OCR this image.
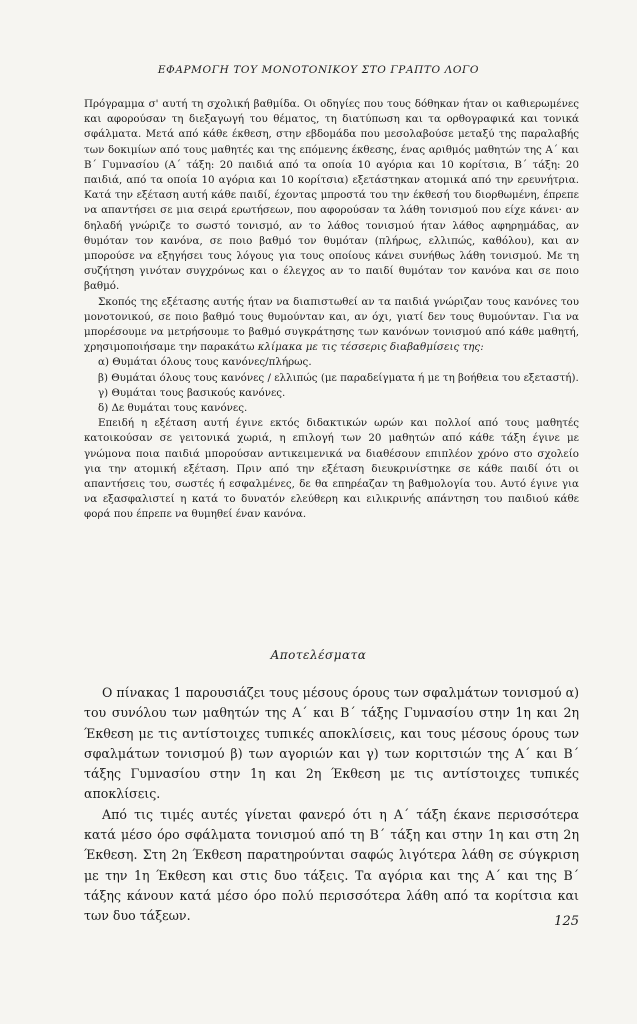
ΕΦΑΡΜΟΓΗ ΤΟΥ ΜΟΝΟΤΟΝΙΚΟΥ ΣΤΟ ΓΡΑΠΤΟ ΛΟΓΟ

Πρόγραμμα σ' αυτή τη σχολική βαθμίδα. Οι οδηγίες που τους δόθηκαν ήταν οι καθιερωμένες και αφορούσαν τη διεξαγωγή του θέματος, τη διατύπωση και τα ορθογραφικά και τονικά σφάλματα. Μετά από κάθε έκθεση, στην εβδομάδα που μεσολαβούσε μεταξύ της παραλαβής των δοκιμίων από τους μαθητές και της επόμενης έκθεσης, ένας αριθμός μαθητών της Α΄ και Β΄ Γυμνασίου (Α΄ τάξη: 20 παιδιά από τα οποία 10 αγόρια και 10 κορίτσια, Β΄ τάξη: 20 παιδιά, από τα οποία 10 αγόρια και 10 κορίτσια) εξετάστηκαν ατομικά από την ερευνήτρια. Κατά την εξέταση αυτή κάθε παιδί, έχοντας μπροστά του την έκθεσή του διορθωμένη, έπρεπε να απαντήσει σε μια σειρά ερωτήσεων, που αφορούσαν τα λάθη τονισμού που είχε κάνει· αν δηλαδή γνώριζε το σωστό τονισμό, αν το λάθος τονισμού ήταν λάθος αφηρημάδας, αν θυμόταν τον κανόνα, σε ποιο βαθμό τον θυμόταν (πλήρως, ελλιπώς, καθόλου), και αν μπορούσε να εξηγήσει τους λόγους για τους οποίους κάνει συνήθως λάθη τονισμού. Με τη συζήτηση γινόταν συγχρόνως και ο έλεγχος αν το παιδί θυμόταν τον κανόνα και σε ποιο βαθμό.

Σκοπός της εξέτασης αυτής ήταν να διαπιστωθεί αν τα παιδιά γνώριζαν τους κανόνες του μονοτονικού, σε ποιο βαθμό τους θυμούνταν και, αν όχι, γιατί δεν τους θυμούνταν. Για να μπορέσουμε να μετρήσουμε το βαθμό συγκράτησης των κανόνων τονισμού από κάθε μαθητή, χρησιμοποιήσαμε την παρακάτω κλίμακα με τις τέσσερις διαβαθμίσεις της:

α) Θυμάται όλους τους κανόνες/πλήρως.

β) Θυμάται όλους τους κανόνες / ελλιπώς (με παραδείγματα ή με τη βοήθεια του εξεταστή).

γ) Θυμάται τους βασικούς κανόνες.

δ) Δε θυμάται τους κανόνες.

Επειδή η εξέταση αυτή έγινε εκτός διδακτικών ωρών και πολλοί από τους μαθητές κατοικούσαν σε γειτονικά χωριά, η επιλογή των 20 μαθητών από κάθε τάξη έγινε με γνώμονα ποια παιδιά μπορούσαν αντικειμενικά να διαθέσουν επιπλέον χρόνο στο σχολείο για την ατομική εξέταση. Πριν από την εξέταση διευκρινίστηκε σε κάθε παιδί ότι οι απαντήσεις του, σωστές ή εσφαλμένες, δε θα επηρέαζαν τη βαθμολογία του. Αυτό έγινε για να εξασφαλιστεί η κατά το δυνατόν ελεύθερη και ειλικρινής απάντηση του παιδιού κάθε φορά που έπρεπε να θυμηθεί έναν κανόνα.

Αποτελέσματα

Ο πίνακας 1 παρουσιάζει τους μέσους όρους των σφαλμάτων τονισμού α) του συνόλου των μαθητών της Α΄ και Β΄ τάξης Γυμνασίου στην 1η και 2η Έκθεση με τις αντίστοιχες τυπικές αποκλίσεις, και τους μέσους όρους των σφαλμάτων τονισμού β) των αγοριών και γ) των κοριτσιών της Α΄ και Β΄ τάξης Γυμνασίου στην 1η και 2η Έκθεση με τις αντίστοιχες τυπικές αποκλίσεις.

Από τις τιμές αυτές γίνεται φανερό ότι η Α΄ τάξη έκανε περισσότερα κατά μέσο όρο σφάλματα τονισμού από τη Β΄ τάξη και στην 1η και στη 2η Έκθεση. Στη 2η Έκθεση παρατηρούνται σαφώς λιγότερα λάθη σε σύγκριση με την 1η Έκθεση και στις δυο τάξεις. Τα αγόρια και της Α΄ και της Β΄ τάξης κάνουν κατά μέσο όρο πολύ περισσότερα λάθη από τα κορίτσια και των δυο τάξεων.	125
